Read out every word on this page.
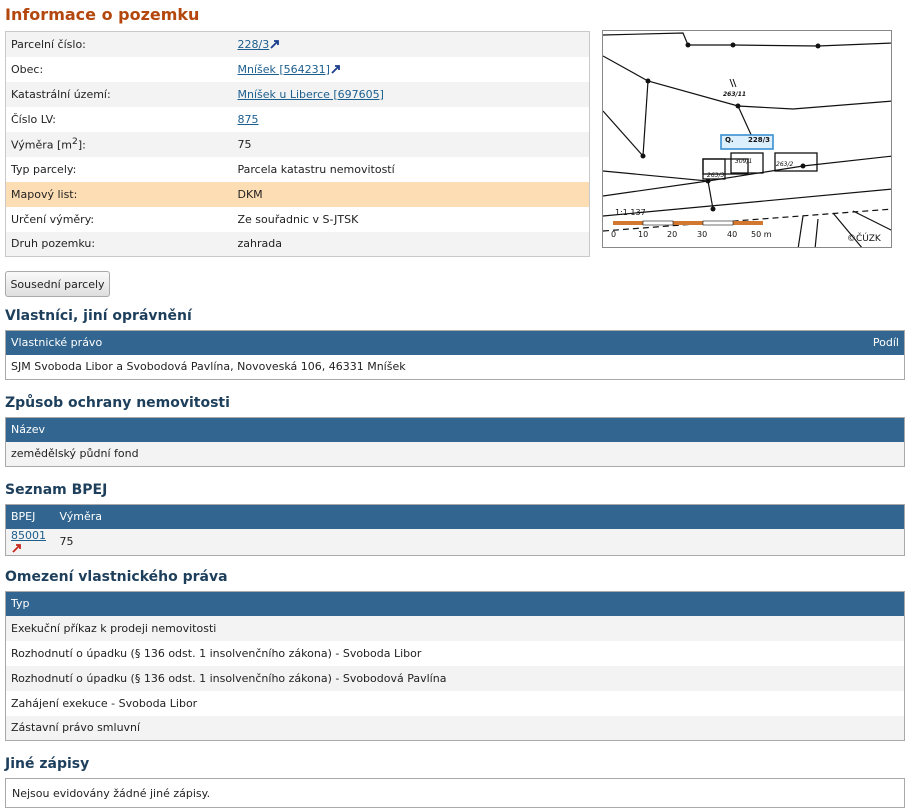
Informace o pozemku
Parcelní číslo:	228/3
Obec:	Mníšek [564231]
Katastrální území:	Mníšek u Liberce [697605]
Číslo LV:	875
Výměra $[m^2]$:	75
Typ parcely:	Parcela katastru nemovitostí
Mapový list:	DKM
Určení výměry:	Ze souřadnic v S-JTSK
Druh pozemku:	zahrada
Q. 228/3
263/11
263/3
309/1	263/2
1:1 137
0	10 20 30 40 50 m	©ČÚZK
Sousední parcely
Vlastníci, jiní oprávnění
Vlastnické právo	Podíl
SJM Svoboda Libor a Svobodová Pavlína, Novoveská 106, 46331 Mníšek
Způsob ochrany nemovitosti
Název
zemědělský půdní fond
Seznam BPEJ
BPEJ	Výměra
85001	75
Omezení vlastnického práva
Typ
Exekuční příkaz k prodeji nemovitosti
Rozhodnutí o úpadku (§ 136 odst. 1 insolvenčního zákona) - Svoboda Libor
Rozhodnutí o úpadku (§ 136 odst. 1 insolvenčního zákona) - Svobodová Pavlína
Zahájení exekuce - Svoboda Libor
Zástavní právo smluvní
Jiné zápisy
Nejsou evidovány žádné jiné zápisy.
